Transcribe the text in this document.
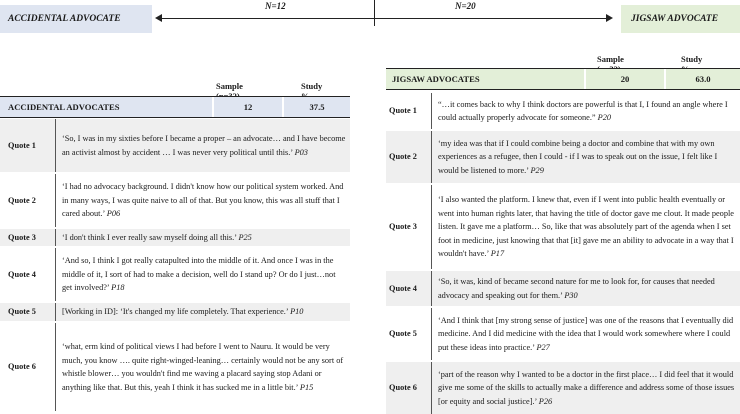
ACCIDENTAL ADVOCATE	JIGSAW ADVOCATE
N=12	N=20
Sample	Study
ACCIDENTAL ADVOCATES	12	37.5
Quote 1
‘So, I was in my sixties before I became a proper – an advocate… and I have become an activist almost by accident … I was never very political until this.’ P03
Quote 2
‘I had no advocacy background. I didn't know how our political system worked. And in many ways, I was quite naive to all of that. But you know, this was all stuff that I cared about.’ P06
Quote 3	‘I don't think I ever really saw myself doing all this.’ P25
Quote 4
‘And so, I think I got really catapulted into the middle of it. And once I was in the middle of it, I sort of had to make a decision, well do I stand up? Or do I just…not get involved?’ P18
Quote 5	[Working in ID]: ‘It's changed my life completely. That experience.’ P10
Quote 6
‘what, erm kind of political views I had before I went to Nauru. It would be very much, you know …. quite right-winged-leaning… certainly would not be any sort of whistle blower… you wouldn't find me waving a placard saying stop Adani or anything like that. But this, yeah I think it has sucked me in a little bit.’ P15
Sample	Study
JIGSAW ADVOCATES	20	63.0
Quote 1
“…it comes back to why I think doctors are powerful is that I, I found an angle where I could actually properly advocate for someone.” P20
Quote 2
‘my idea was that if I could combine being a doctor and combine that with my own experiences as a refugee, then I could - if I was to speak out on the issue, I felt like I would be listened to more.’ P29
Quote 3
‘I also wanted the platform. I knew that, even if I went into public health eventually or went into human rights later, that having the title of doctor gave me clout. It made people listen. It gave me a platform… So, like that was absolutely part of the agenda when I set foot in medicine, just knowing that that [it] gave me an ability to advocate in a way that I wouldn't have.’ P17
Quote 4
‘So, it was, kind of became second nature for me to look for, for causes that needed advocacy and speaking out for them.’ P30
Quote 5
‘And I think that [my strong sense of justice] was one of the reasons that I eventually did medicine. And I did medicine with the idea that I would work somewhere where I could put these ideas into practice.’ P27
Quote 6
‘part of the reason why I wanted to be a doctor in the first place… I did feel that it would give me some of the skills to actually make a difference and address some of those issues [or equity and social justice].’ P26
